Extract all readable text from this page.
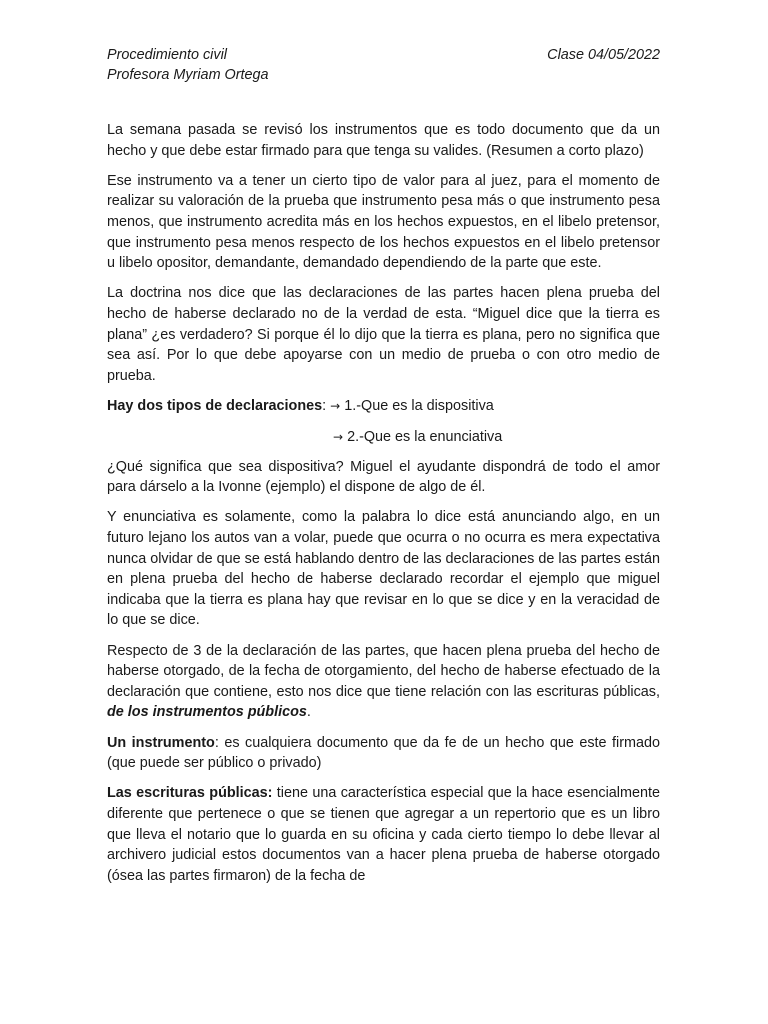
Procedimiento civil	Clase 04/05/2022
Profesora Myriam Ortega

La semana pasada se revisó los instrumentos que es todo documento que da un hecho y que debe estar firmado para que tenga su valides. (Resumen a corto plazo)

Ese instrumento va a tener un cierto tipo de valor para al juez, para el momento de realizar su valoración de la prueba que instrumento pesa más o que instrumento pesa menos, que instrumento acredita más en los hechos expuestos, en el libelo pretensor, que instrumento pesa menos respecto de los hechos expuestos en el libelo pretensor u libelo opositor, demandante, demandado dependiendo de la parte que este.

La doctrina nos dice que las declaraciones de las partes hacen plena prueba del hecho de haberse declarado no de la verdad de esta. “Miguel dice que la tierra es plana” ¿es verdadero? Si porque él lo dijo que la tierra es plana, pero no significa que sea así. Por lo que debe apoyarse con un medio de prueba o con otro medio de prueba.

Hay dos tipos de declaraciones: → 1.-Que es la dispositiva
→ 2.-Que es la enunciativa

¿Qué significa que sea dispositiva? Miguel el ayudante dispondrá de todo el amor para dárselo a la Ivonne (ejemplo) el dispone de algo de él.

Y enunciativa es solamente, como la palabra lo dice está anunciando algo, en un futuro lejano los autos van a volar, puede que ocurra o no ocurra es mera expectativa nunca olvidar de que se está hablando dentro de las declaraciones de las partes están en plena prueba del hecho de haberse declarado recordar el ejemplo que miguel indicaba que la tierra es plana hay que revisar en lo que se dice y en la veracidad de lo que se dice.

Respecto de 3 de la declaración de las partes, que hacen plena prueba del hecho de haberse otorgado, de la fecha de otorgamiento, del hecho de haberse efectuado de la declaración que contiene, esto nos dice que tiene relación con las escrituras públicas, de los instrumentos públicos.

Un instrumento: es cualquiera documento que da fe de un hecho que este firmado (que puede ser público o privado)

Las escrituras públicas: tiene una característica especial que la hace esencialmente diferente que pertenece o que se tienen que agregar a un repertorio que es un libro que lleva el notario que lo guarda en su oficina y cada cierto tiempo lo debe llevar al archivero judicial estos documentos van a hacer plena prueba de haberse otorgado (ósea las partes firmaron) de la fecha de
